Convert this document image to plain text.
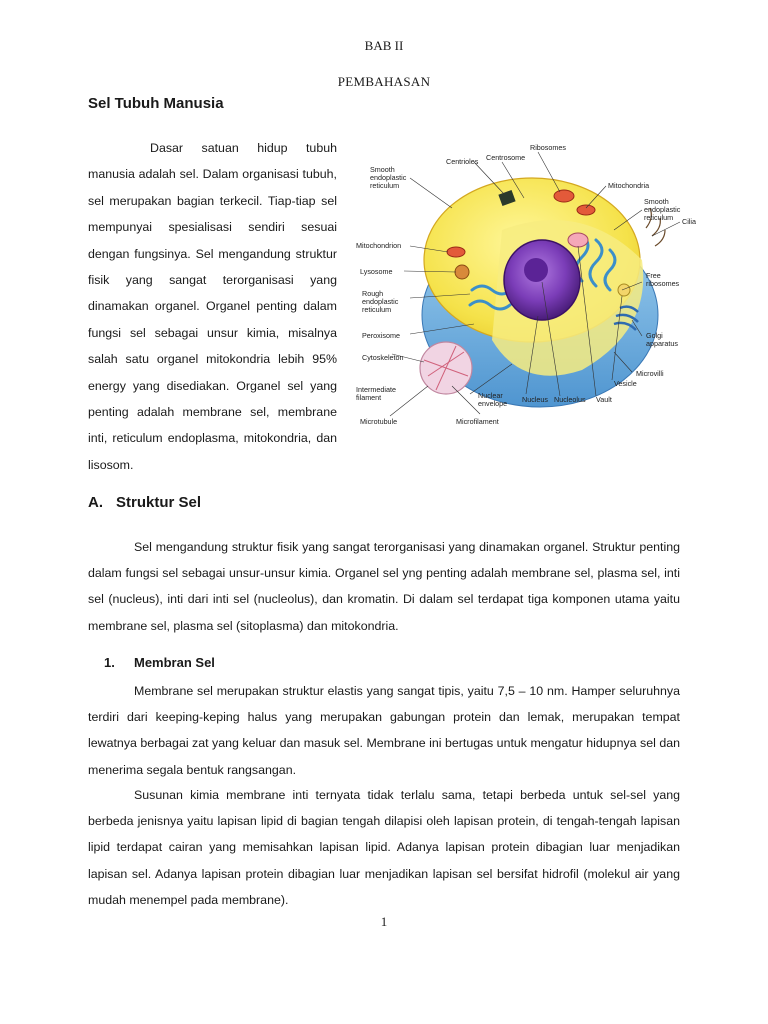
BAB II
PEMBAHASAN
Sel Tubuh Manusia

Dasar satuan hidup tubuh manusia adalah sel. Dalam organisasi tubuh, sel merupakan bagian terkecil. Tiap-tiap sel mempunyai spesialisasi sendiri sesuai dengan fungsinya. Sel mengandung struktur fisik yang sangat terorganisasi yang dinamakan organel. Organel penting dalam fungsi sel sebagai unsur kimia, misalnya salah satu organel mitokondria lebih 95% energy yang disediakan. Organel sel yang penting adalah membrane sel, membrane inti, reticulum endoplasma, mitokondria, dan lisosom.

Ribosomes
Centrosome
Centrioles
Smooth
endoplastic
reticulum	Mitochondria
Smooth
endoplastic
reticulum Cilia
Mitochondrion
Lysosome
Rough
endoplastic
reticulum
Free
ribosomes
Peroxisome	Golgi
apparatus
Cytoskeleton
Microvilli
Intermediate
filament	Nuclear
envelope Nucleus Nucleolus Vault
Vesicle
Microtubule	Microfilament
A. Struktur Sel

Sel mengandung struktur fisik yang sangat terorganisasi yang dinamakan organel. Struktur penting dalam fungsi sel sebagai unsur-unsur kimia. Organel sel yng penting adalah membrane sel, plasma sel, inti sel (nucleus), inti dari inti sel (nucleolus), dan kromatin. Di dalam sel terdapat tiga komponen utama yaitu membrane sel, plasma sel (sitoplasma) dan mitokondria.

1. Membran Sel

Membrane sel merupakan struktur elastis yang sangat tipis, yaitu 7,5 – 10 nm. Hamper seluruhnya terdiri dari keeping-keping halus yang merupakan gabungan protein dan lemak, merupakan tempat lewatnya berbagai zat yang keluar dan masuk sel. Membrane ini bertugas untuk mengatur hidupnya sel dan menerima segala bentuk rangsangan.

Susunan kimia membrane inti ternyata tidak terlalu sama, tetapi berbeda untuk sel-sel yang berbeda jenisnya yaitu lapisan lipid di bagian tengah dilapisi oleh lapisan protein, di tengah-tengah lapisan lipid terdapat cairan yang memisahkan lapisan lipid. Adanya lapisan protein dibagian luar menjadikan lapisan sel. Adanya lapisan protein dibagian luar menjadikan lapisan sel bersifat hidrofil (molekul air yang mudah menempel pada membrane).

1
